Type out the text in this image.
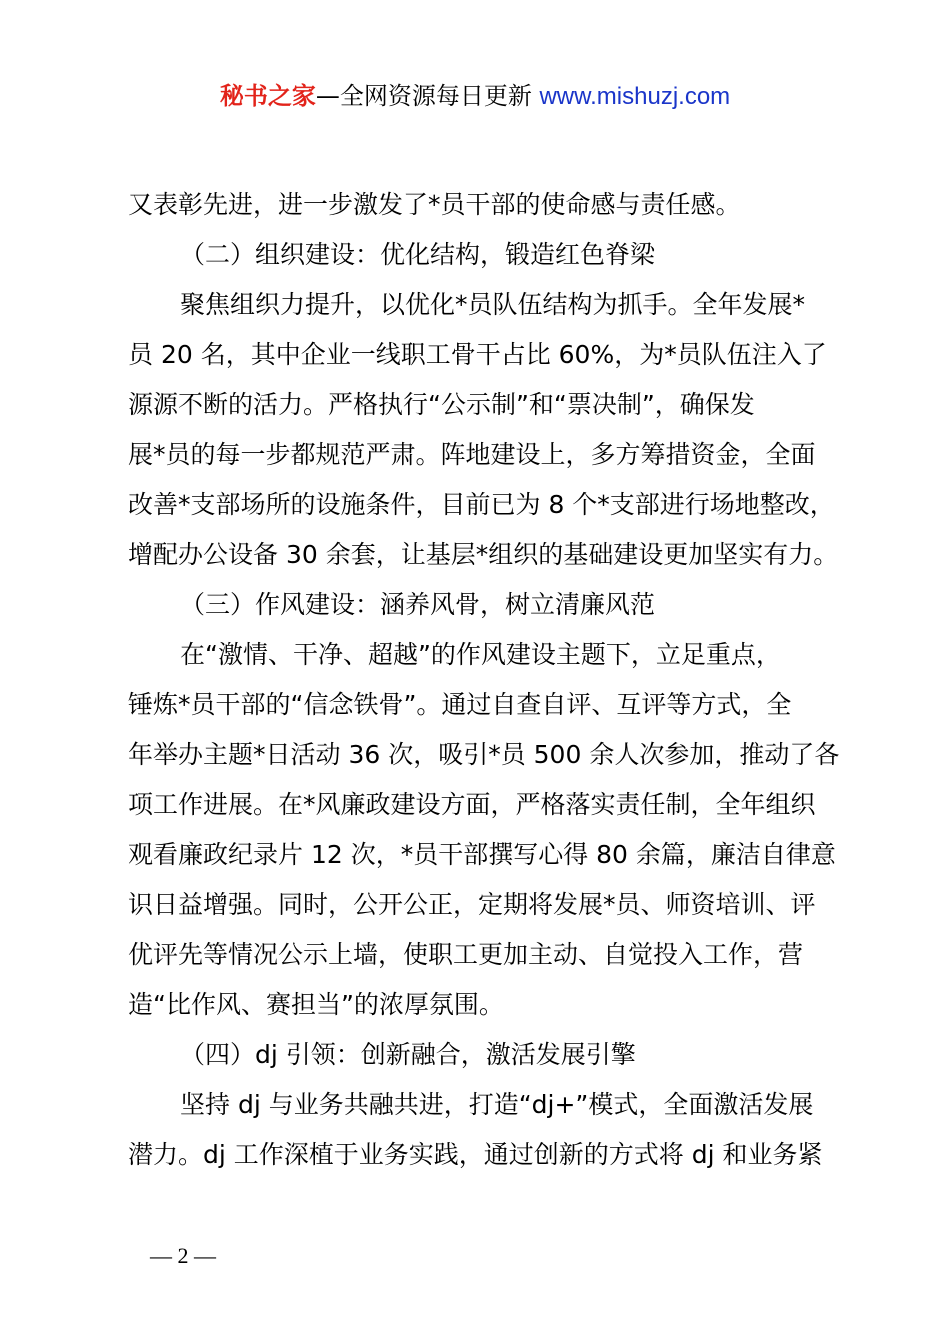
秘书之家—全网资源每日更新 www.mishuzj.com
又表彰先进，进一步激发了*员干部的使命感与责任感。
（二）组织建设：优化结构，锻造红色脊梁
聚焦组织力提升，以优化*员队伍结构为抓手。全年发展*
员 20 名，其中企业一线职工骨干占比 60%，为*员队伍注入了
源源不断的活力。严格执行“公示制”和“票决制”，确保发
展*员的每一步都规范严肃。阵地建设上，多方筹措资金，全面
改善*支部场所的设施条件，目前已为 8 个*支部进行场地整改，
增配办公设备 30 余套，让基层*组织的基础建设更加坚实有力。
（三）作风建设：涵养风骨，树立清廉风范
在“激情、干净、超越”的作风建设主题下，立足重点，
锤炼*员干部的“信念铁骨”。通过自查自评、互评等方式，全
年举办主题*日活动 36 次，吸引*员 500 余人次参加，推动了各
项工作进展。在*风廉政建设方面，严格落实责任制，全年组织
观看廉政纪录片 12 次，*员干部撰写心得 80 余篇，廉洁自律意
识日益增强。同时，公开公正，定期将发展*员、师资培训、评
优评先等情况公示上墙，使职工更加主动、自觉投入工作，营
造“比作风、赛担当”的浓厚氛围。
（四）dj 引领：创新融合，激活发展引擎
坚持 dj 与业务共融共进，打造“dj+”模式，全面激活发展
潜力。dj 工作深植于业务实践，通过创新的方式将 dj 和业务紧
— 2 —
